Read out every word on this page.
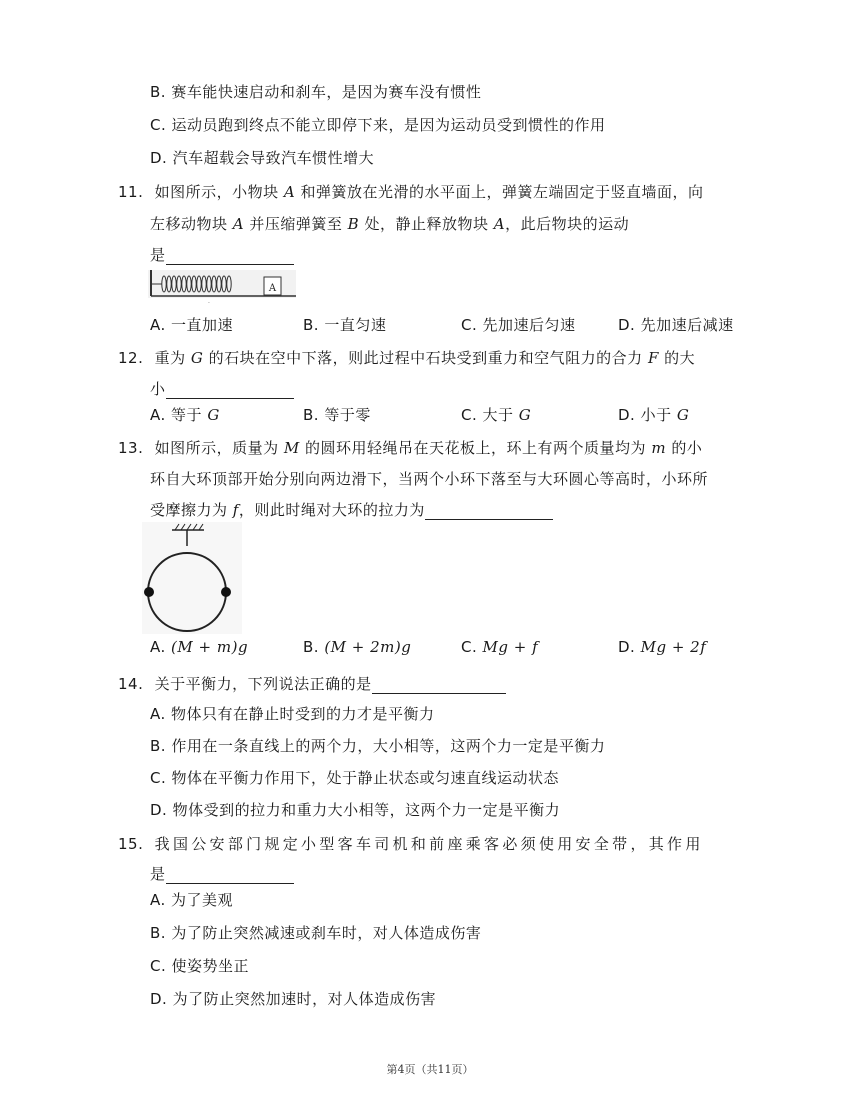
B. 赛车能快速启动和刹车，是因为赛车没有惯性
C. 运动员跑到终点不能立即停下来，是因为运动员受到惯性的作用
D. 汽车超载会导致汽车惯性增大
11. 如图所示，小物块 A 和弹簧放在光滑的水平面上，弹簧左端固定于竖直墙面，向
左移动物块 A 并压缩弹簧至 B 处，静止释放物块 A，此后物块的运动
是
A
·
A. 一直加速	B. 一直匀速	C. 先加速后匀速	D. 先加速后减速
12. 重为 G 的石块在空中下落，则此过程中石块受到重力和空气阻力的合力 F 的大
小
A. 等于 G	B. 等于零	C. 大于 G	D. 小于 G
13. 如图所示，质量为 M 的圆环用轻绳吊在天花板上，环上有两个质量均为 m 的小
环自大环顶部开始分别向两边滑下，当两个小环下落至与大环圆心等高时，小环所
受摩擦力为 f，则此时绳对大环的拉力为
A. (M + m)g	B. (M + 2m)g	C. Mg + f	D. Mg + 2f
14. 关于平衡力，下列说法正确的是
A. 物体只有在静止时受到的力才是平衡力
B. 作用在一条直线上的两个力，大小相等，这两个力一定是平衡力
C. 物体在平衡力作用下，处于静止状态或匀速直线运动状态
D. 物体受到的拉力和重力大小相等，这两个力一定是平衡力
15. 我国公安部门规定小型客车司机和前座乘客必须使用安全带，其作用
是
A. 为了美观
B. 为了防止突然减速或刹车时，对人体造成伤害
C. 使姿势坐正
D. 为了防止突然加速时，对人体造成伤害
第4页（共11页）
